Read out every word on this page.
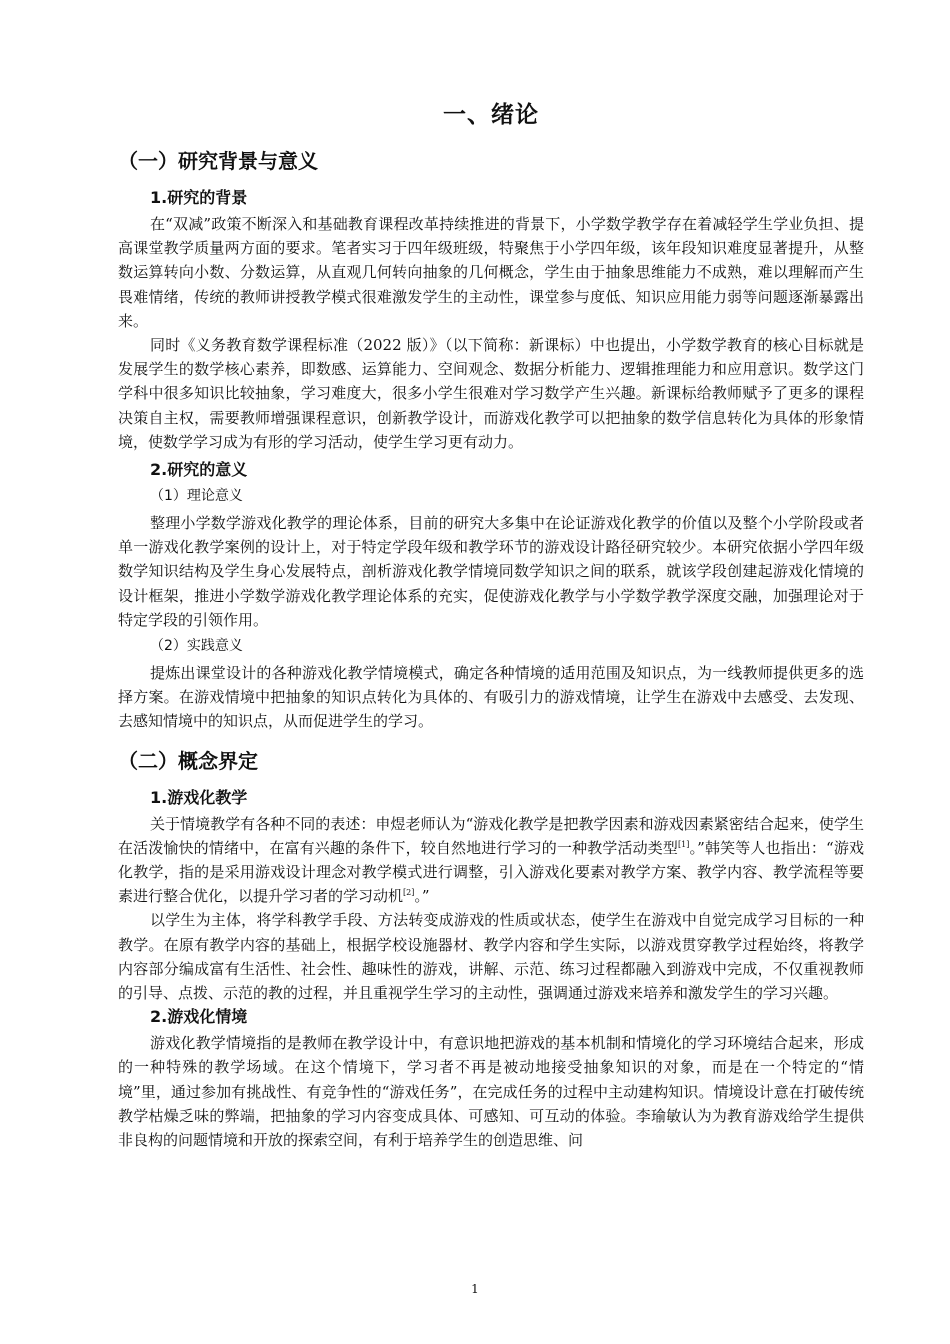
一、绪论
（一）研究背景与意义
1.研究的背景

在“双减”政策不断深入和基础教育课程改革持续推进的背景下，小学数学教学存在着减轻学生学业负担、提高课堂教学质量两方面的要求。笔者实习于四年级班级，特聚焦于小学四年级，该年段知识难度显著提升，从整数运算转向小数、分数运算，从直观几何转向抽象的几何概念，学生由于抽象思维能力不成熟，难以理解而产生畏难情绪，传统的教师讲授教学模式很难激发学生的主动性，课堂参与度低、知识应用能力弱等问题逐渐暴露出来。

同时《义务教育数学课程标准（2022 版）》（以下简称：新课标）中也提出，小学数学教育的核心目标就是发展学生的数学核心素养，即数感、运算能力、空间观念、数据分析能力、逻辑推理能力和应用意识。数学这门学科中很多知识比较抽象，学习难度大，很多小学生很难对学习数学产生兴趣。新课标给教师赋予了更多的课程决策自主权，需要教师增强课程意识，创新教学设计，而游戏化教学可以把抽象的数学信息转化为具体的形象情境，使数学学习成为有形的学习活动，使学生学习更有动力。

2.研究的意义
（1）理论意义

整理小学数学游戏化教学的理论体系，目前的研究大多集中在论证游戏化教学的价值以及整个小学阶段或者单一游戏化教学案例的设计上，对于特定学段年级和教学环节的游戏设计路径研究较少。本研究依据小学四年级数学知识结构及学生身心发展特点，剖析游戏化教学情境同数学知识之间的联系，就该学段创建起游戏化情境的设计框架，推进小学数学游戏化教学理论体系的充实，促使游戏化教学与小学数学教学深度交融，加强理论对于特定学段的引领作用。

（2）实践意义

提炼出课堂设计的各种游戏化教学情境模式，确定各种情境的适用范围及知识点，为一线教师提供更多的选择方案。在游戏情境中把抽象的知识点转化为具体的、有吸引力的游戏情境，让学生在游戏中去感受、去发现、去感知情境中的知识点，从而促进学生的学习。

（二）概念界定
1.游戏化教学

关于情境教学有各种不同的表述：申煜老师认为“游戏化教学是把教学因素和游戏因素紧密结合起来，使学生在活泼愉快的情绪中，在富有兴趣的条件下，较自然地进行学习的一种教学活动类型[1]。”韩笑等人也指出：“游戏化教学，指的是采用游戏设计理念对教学模式进行调整，引入游戏化要素对教学方案、教学内容、教学流程等要素进行整合优化，以提升学习者的学习动机[2]。”

以学生为主体，将学科教学手段、方法转变成游戏的性质或状态，使学生在游戏中自觉完成学习目标的一种教学。在原有教学内容的基础上，根据学校设施器材、教学内容和学生实际，以游戏贯穿教学过程始终，将教学内容部分编成富有生活性、社会性、趣味性的游戏，讲解、示范、练习过程都融入到游戏中完成，不仅重视教师的引导、点拨、示范的教的过程，并且重视学生学习的主动性，强调通过游戏来培养和激发学生的学习兴趣。

2.游戏化情境

游戏化教学情境指的是教师在教学设计中，有意识地把游戏的基本机制和情境化的学习环境结合起来，形成的一种特殊的教学场域。在这个情境下，学习者不再是被动地接受抽象知识的对象，而是在一个特定的“情境”里，通过参加有挑战性、有竞争性的“游戏任务”，在完成任务的过程中主动建构知识。情境设计意在打破传统教学枯燥乏味的弊端，把抽象的学习内容变成具体、可感知、可互动的体验。李瑜敏认为为教育游戏给学生提供非良构的问题情境和开放的探索空间，有利于培养学生的创造思维、问

1
